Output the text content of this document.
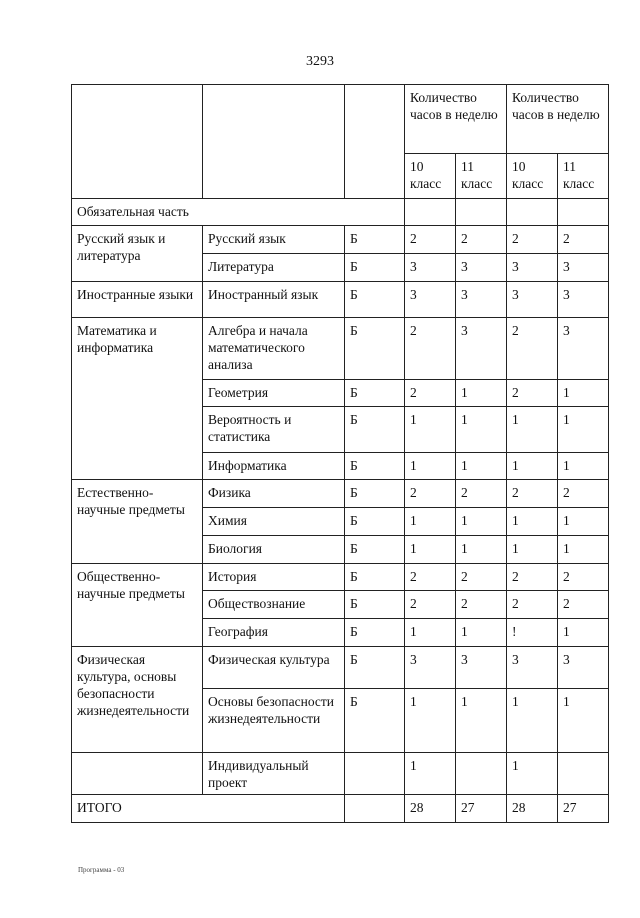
3293
			Количество часов в неделю		Количество часов в неделю	
			10 класс	11 класс	10 класс	11 класс
Обязательная часть						
Русский язык и литература	Русский язык	Б	2	2	2	2
	Литература	Б	3	3	3	3
Иностранные языки	Иностранный язык	Б	3	3	3	3
Математика и информатика	Алгебра и начала математического анализа	Б	2	3	2	3
	Геометрия	Б	2	1	2	1
	Вероятность и статистика	Б	1	1	1	1
	Информатика	Б	1	1	1	1
Естественно-научные предметы	Физика	Б	2	2	2	2
	Химия	Б	1	1	1	1
	Биология	Б	1	1	1	1
Общественно-научные предметы	История	Б	2	2	2	2
	Обществознание	Б	2	2	2	2
	География	Б	1	1	!	1
Физическая культура, основы безопасности жизнедеятельности	Физическая культура	Б	3	3	3	3
	Основы безопасности жизнедеятельности	Б	1	1	1	1
	Индивидуальный проект		1		1	
ИТОГО			28	27	28	27
Программа - 03
